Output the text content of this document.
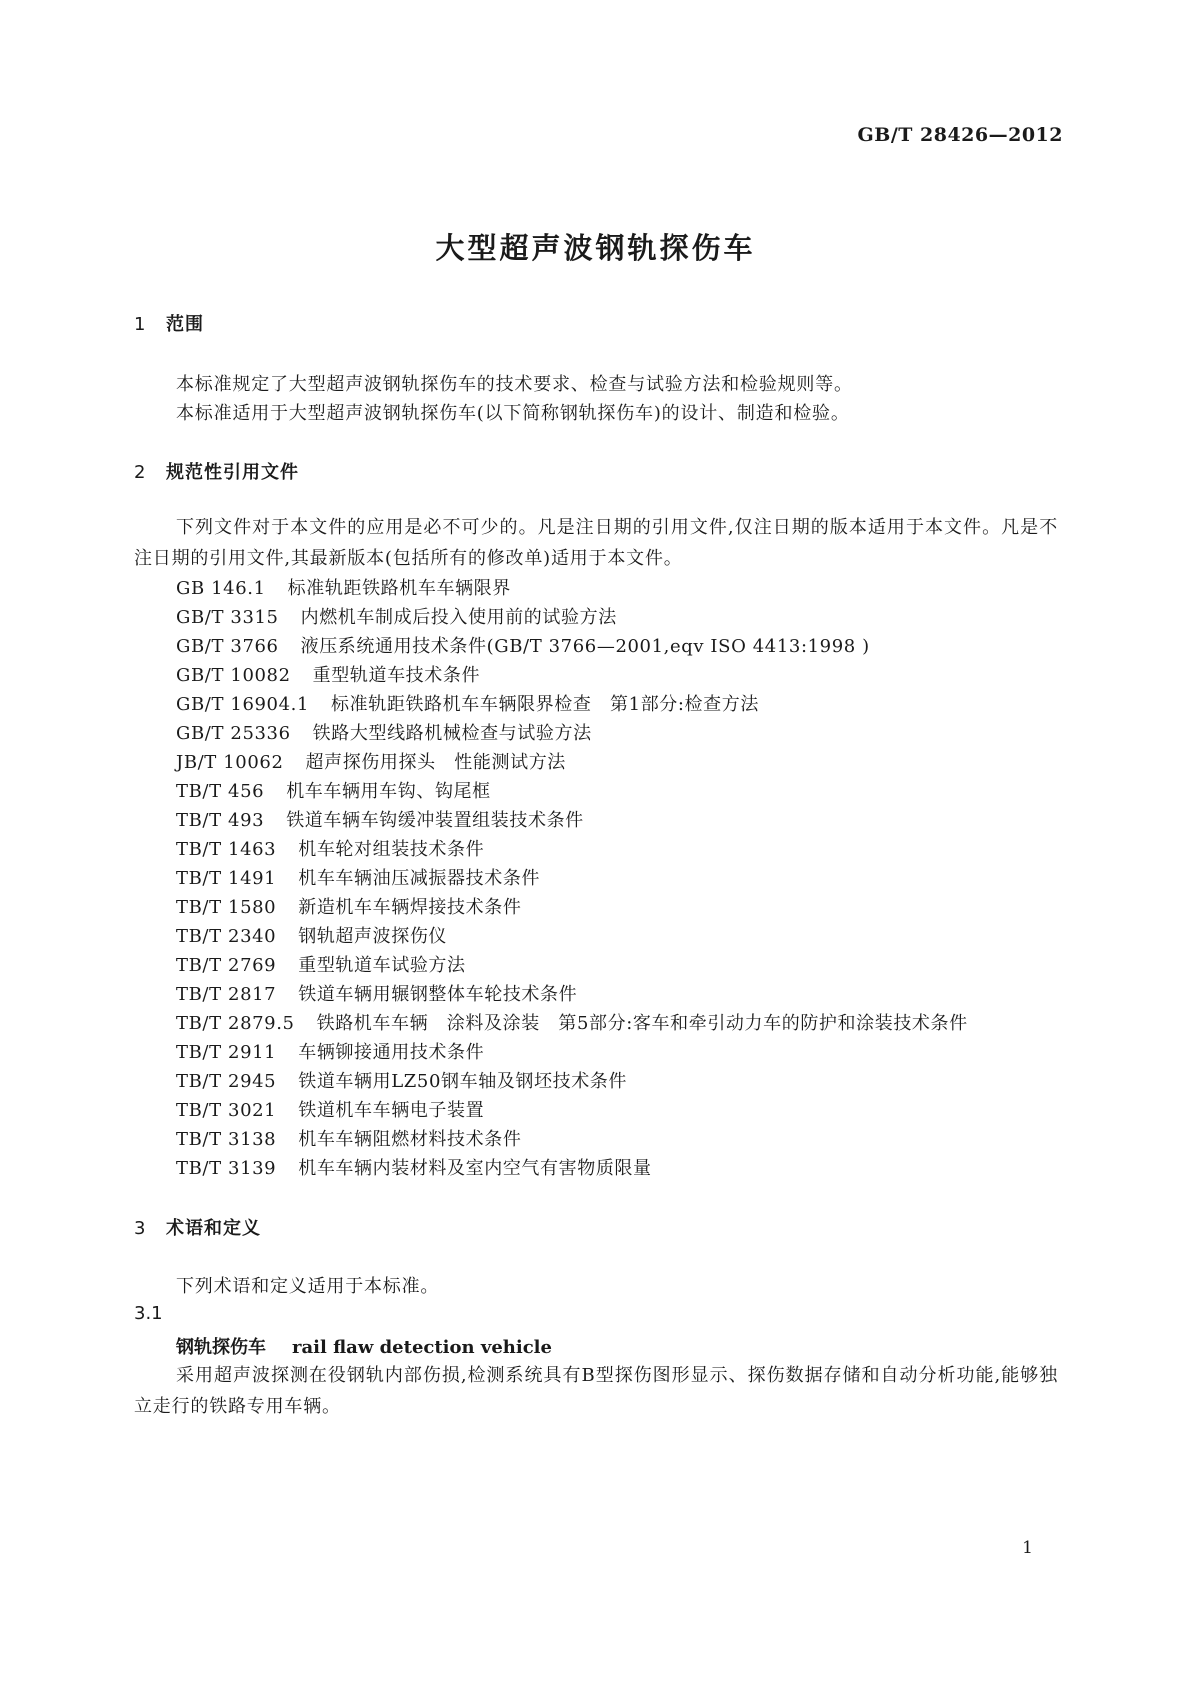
GB/T 28426—2012
大型超声波钢轨探伤车
1 范围
本标准规定了大型超声波钢轨探伤车的技术要求、检查与试验方法和检验规则等。
本标准适用于大型超声波钢轨探伤车(以下简称钢轨探伤车)的设计、制造和检验。
2 规范性引用文件
下列文件对于本文件的应用是必不可少的。凡是注日期的引用文件,仅注日期的版本适用于本文件。凡是不注日期的引用文件,其最新版本(包括所有的修改单)适用于本文件。
GB 146.1 标准轨距铁路机车车辆限界
GB/T 3315 内燃机车制成后投入使用前的试验方法
GB/T 3766 液压系统通用技术条件(GB/T 3766—2001,eqv ISO 4413:1998 )
GB/T 10082 重型轨道车技术条件
GB/T 16904.1 标准轨距铁路机车车辆限界检查　第1部分:检查方法
GB/T 25336 铁路大型线路机械检查与试验方法
JB/T 10062 超声探伤用探头　性能测试方法
TB/T 456 机车车辆用车钩、钩尾框
TB/T 493 铁道车辆车钩缓冲装置组装技术条件
TB/T 1463 机车轮对组装技术条件
TB/T 1491 机车车辆油压减振器技术条件
TB/T 1580 新造机车车辆焊接技术条件
TB/T 2340 钢轨超声波探伤仪
TB/T 2769 重型轨道车试验方法
TB/T 2817 铁道车辆用辗钢整体车轮技术条件
TB/T 2879.5 铁路机车车辆　涂料及涂装　第5部分:客车和牵引动力车的防护和涂装技术条件
TB/T 2911 车辆铆接通用技术条件
TB/T 2945 铁道车辆用LZ50钢车轴及钢坯技术条件
TB/T 3021 铁道机车车辆电子装置
TB/T 3138 机车车辆阻燃材料技术条件
TB/T 3139 机车车辆内装材料及室内空气有害物质限量
3 术语和定义
下列术语和定义适用于本标准。
3.1
钢轨探伤车 rail flaw detection vehicle
采用超声波探测在役钢轨内部伤损,检测系统具有B型探伤图形显示、探伤数据存储和自动分析功能,能够独立走行的铁路专用车辆。
1
